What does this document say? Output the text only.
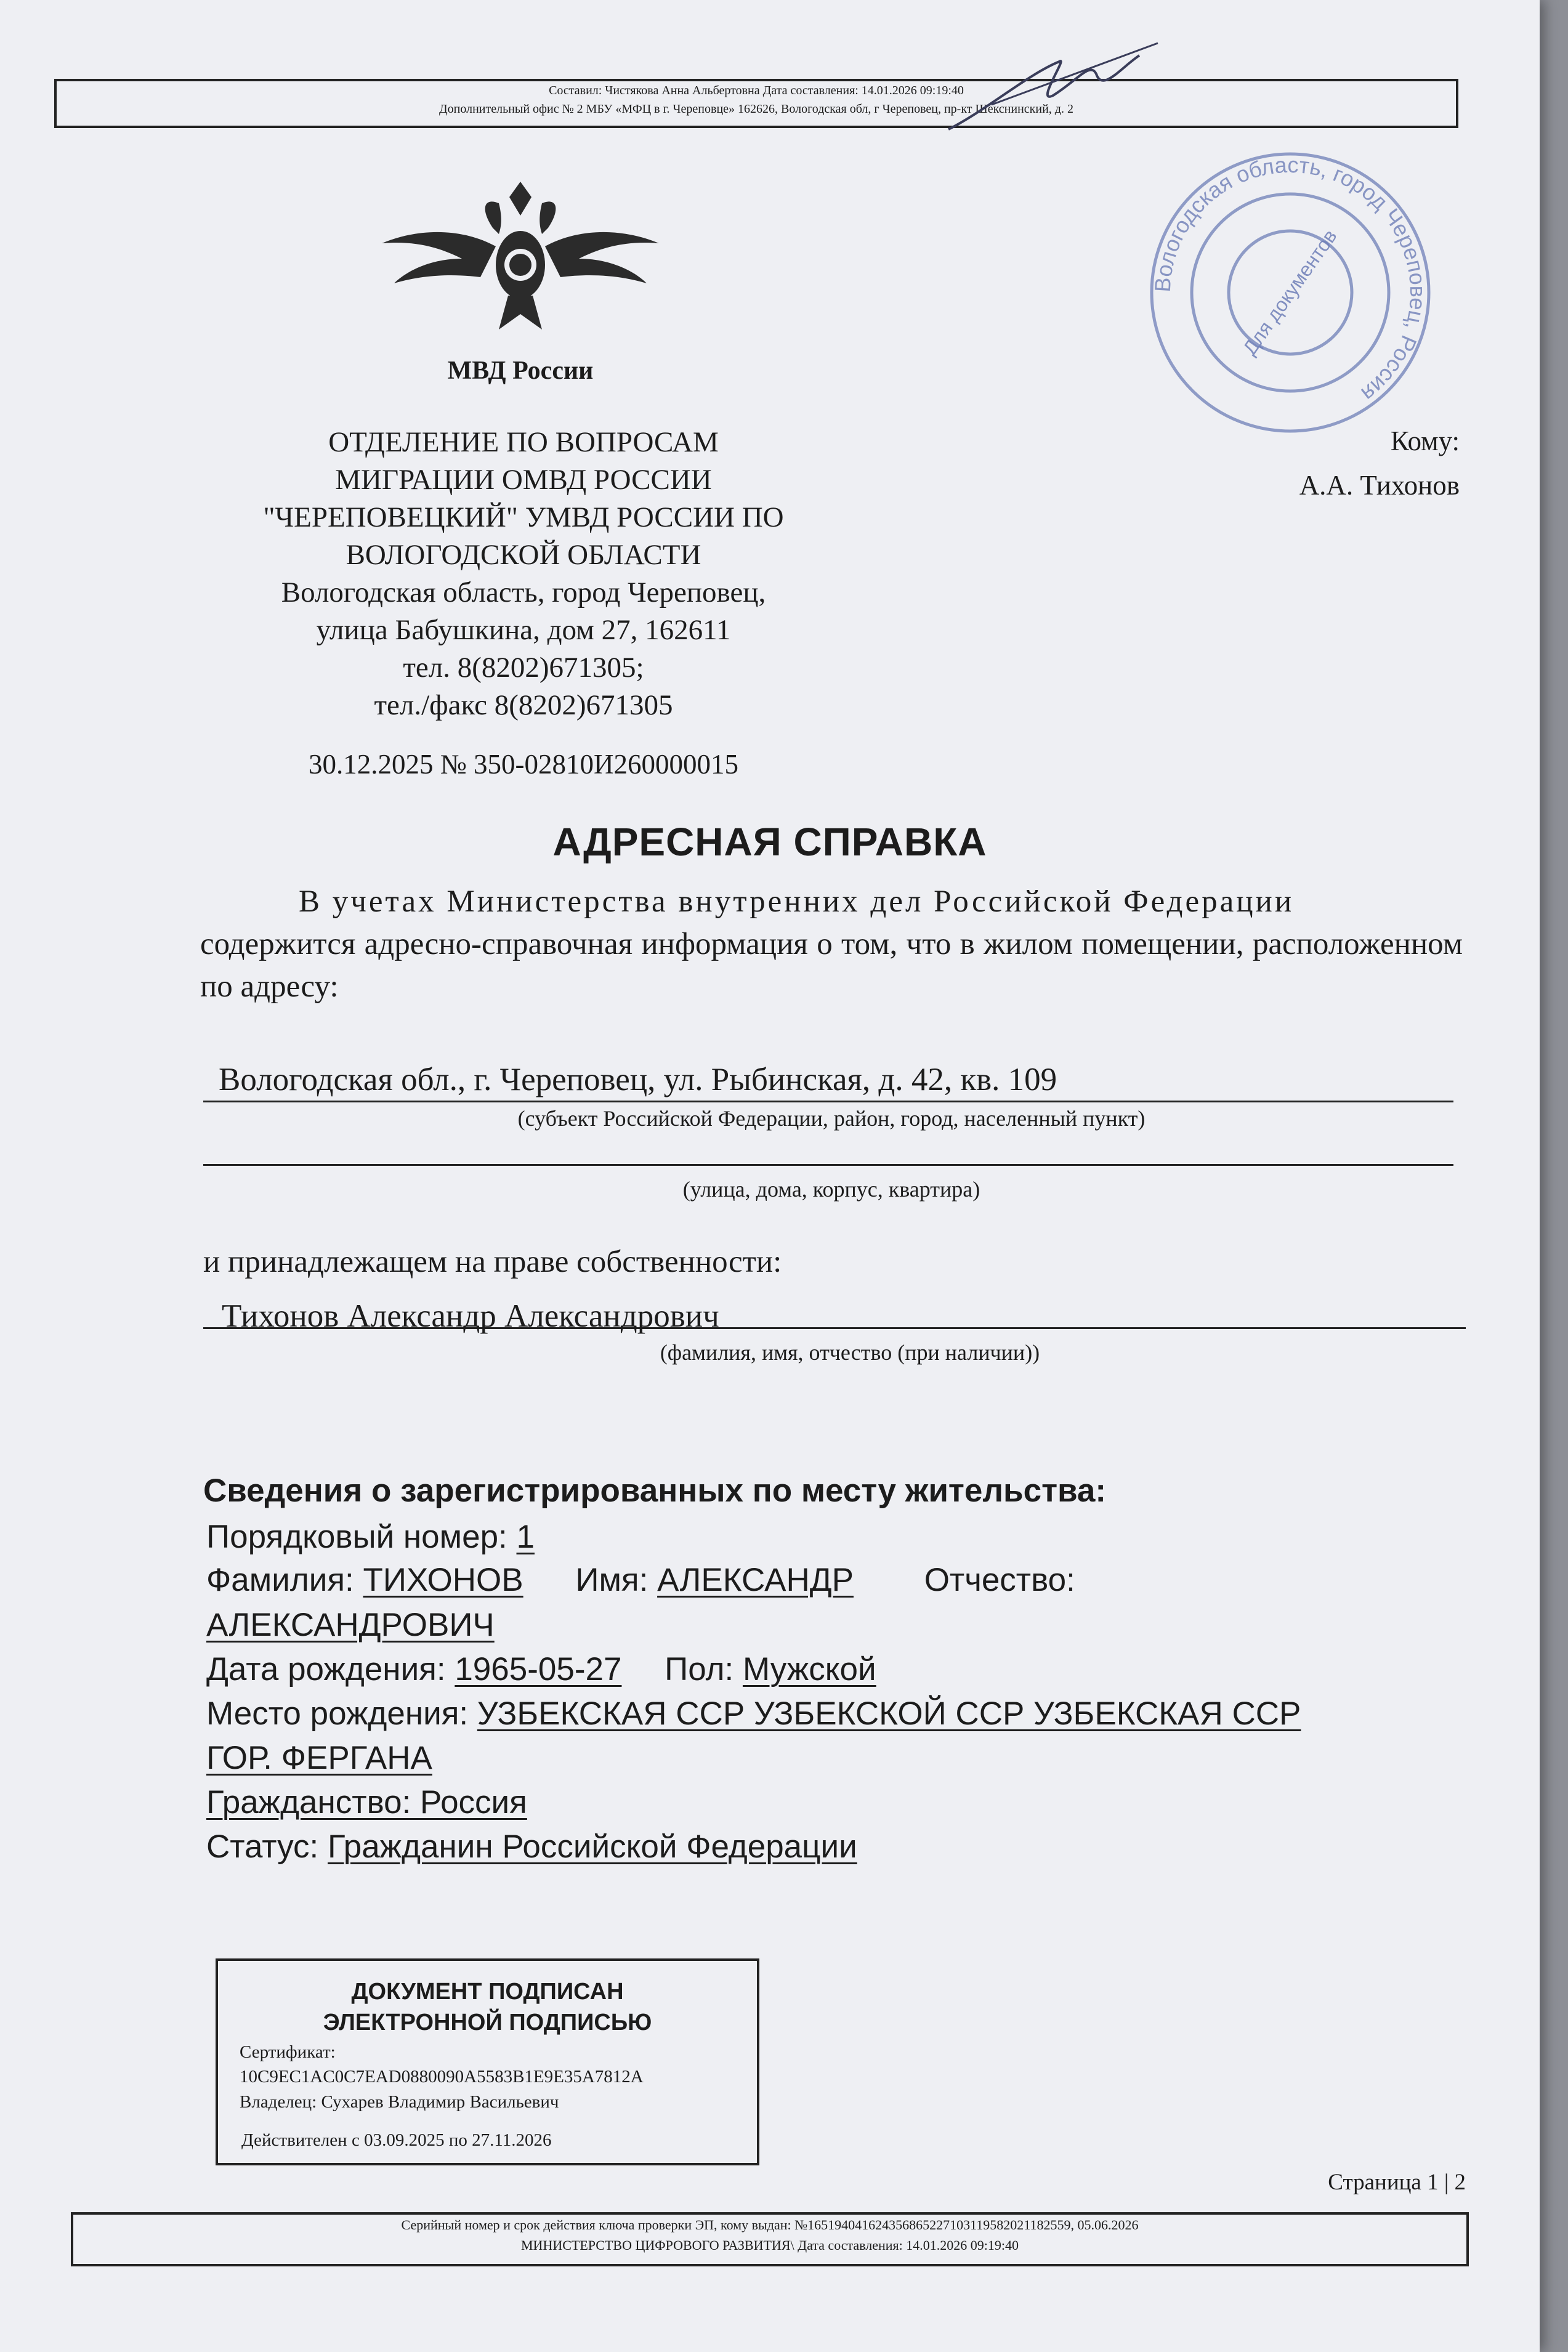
Составил: Чистякова Анна Альбертовна Дата составления: 14.01.2026 09:19:40
Дополнительный офис № 2 МБУ «МФЦ в г. Череповце» 162626, Вологодская обл, г Череповец, пр-кт Шекснинский, д. 2
МВД России
ОТДЕЛЕНИЕ ПО ВОПРОСАМ
МИГРАЦИИ ОМВД РОССИИ
"ЧЕРЕПОВЕЦКИЙ" УМВД РОССИИ ПО
ВОЛОГОДСКОЙ ОБЛАСТИ
Вологодская область, город Череповец,
улица Бабушкина, дом 27, 162611
тел. 8(8202)671305;
тел./факс 8(8202)671305
30.12.2025 № 350-02810И260000015
Вологодская область, город Череповец, Россия
Для документов
Кому:
А.А. Тихонов
АДРЕСНАЯ СПРАВКА
В учетах Министерства внутренних дел Российской Федерации
содержится адресно-справочная информация о том, что в жилом помещении, расположенном по адресу:
Вологодская обл., г. Череповец, ул. Рыбинская, д. 42, кв. 109
(субъект Российской Федерации, район, город, населенный пункт)
(улица, дома, корпус, квартира)
и принадлежащем на праве собственности:
Тихонов Александр Александрович
(фамилия, имя, отчество (при наличии))
Сведения о зарегистрированных по месту жительства:
Порядковый номер: 1
Фамилия: ТИХОНОВ Имя: АЛЕКСАНДР Отчество:
АЛЕКСАНДРОВИЧ
Дата рождения: 1965-05-27 Пол: Мужской
Место рождения: УЗБЕКСКАЯ ССР УЗБЕКСКОЙ ССР УЗБЕКСКАЯ ССР
ГОР. ФЕРГАНА
Гражданство: Россия
Статус: Гражданин Российской Федерации
ДОКУМЕНТ ПОДПИСАН
ЭЛЕКТРОННОЙ ПОДПИСЬЮ
Сертификат:
10C9EC1AC0C7EAD0880090A5583B1E9E35A7812A
Владелец: Сухарев Владимир Васильевич
Действителен с 03.09.2025 по 27.11.2026
Страница 1 | 2
Серийный номер и срок действия ключа проверки ЭП, кому выдан: №165194041624356865227103119582021182559, 05.06.2026
МИНИСТЕРСТВО ЦИФРОВОГО РАЗВИТИЯ\ Дата составления: 14.01.2026 09:19:40
